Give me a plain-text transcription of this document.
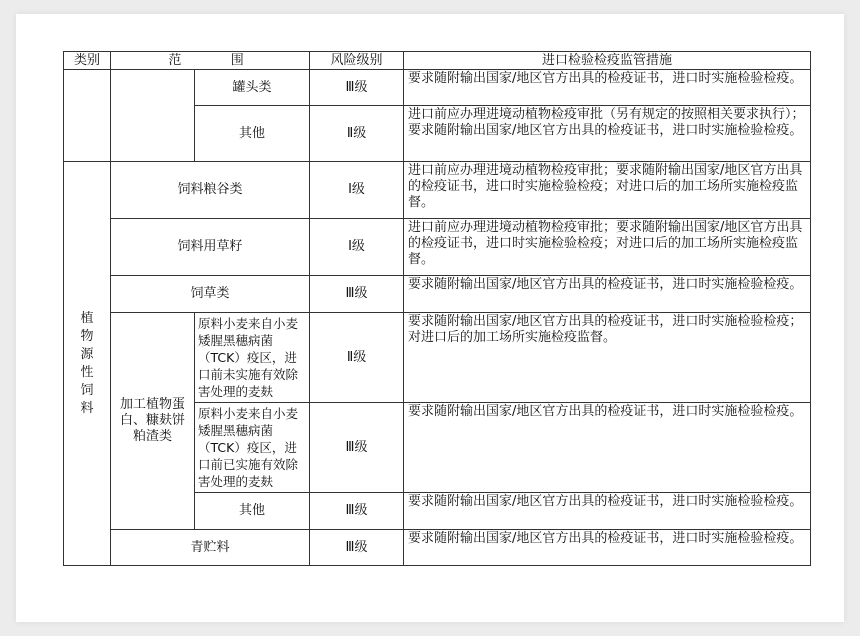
类别	范　　围		风险级别	进口检验检疫监管措施
		罐头类	Ⅲ级	要求随附输出国家/地区官方出具的检疫证书，进口时实施检验检疫。
		其他	Ⅱ级	进口前应办理进境动植物检疫审批（另有规定的按照相关要求执行）；要求随附输出国家/地区官方出具的检疫证书，进口时实施检验检疫。
植物源性饲料	饲料粮谷类		Ⅰ级	进口前应办理进境动植物检疫审批；要求随附输出国家/地区官方出具的检疫证书，进口时实施检验检疫；对进口后的加工场所实施检疫监督。
	饲料用草籽		Ⅰ级	进口前应办理进境动植物检疫审批；要求随附输出国家/地区官方出具的检疫证书，进口时实施检验检疫；对进口后的加工场所实施检疫监督。
	饲草类		Ⅲ级	要求随附输出国家/地区官方出具的检疫证书，进口时实施检验检疫。
	加工植物蛋白、糠麸饼粕渣类	原料小麦来自小麦矮腥黑穗病菌（TCK）疫区，进口前未实施有效除害处理的麦麸	Ⅱ级	要求随附输出国家/地区官方出具的检疫证书，进口时实施检验检疫；对进口后的加工场所实施检疫监督。
		原料小麦来自小麦矮腥黑穗病菌（TCK）疫区，进口前已实施有效除害处理的麦麸	Ⅲ级	要求随附输出国家/地区官方出具的检疫证书，进口时实施检验检疫。
		其他	Ⅲ级	要求随附输出国家/地区官方出具的检疫证书，进口时实施检验检疫。
	青贮料		Ⅲ级	要求随附输出国家/地区官方出具的检疫证书，进口时实施检验检疫。
